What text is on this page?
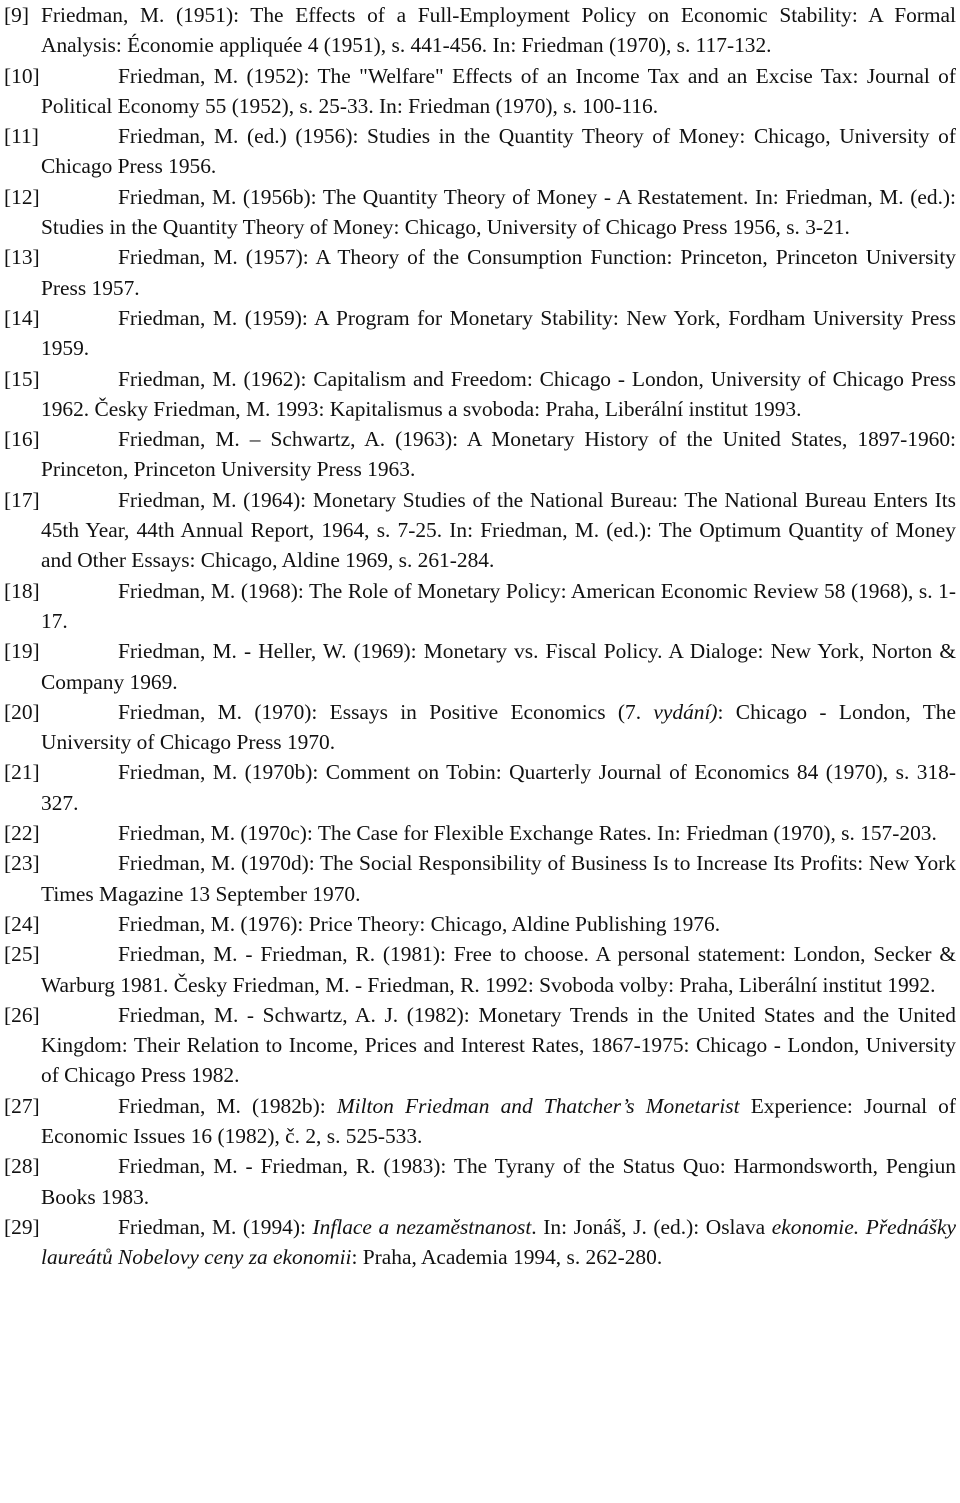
[9] Friedman, M. (1951): The Effects of a Full-Employment Policy on Economic Stability: A Formal Analysis: Économie appliquée 4 (1951), s. 441-456. In: Friedman (1970), s. 117-132.
[10]	Friedman, M. (1952): The "Welfare" Effects of an Income Tax and an Excise Tax: Journal of Political Economy 55 (1952), s. 25-33. In: Friedman (1970), s. 100-116.
[11]	Friedman, M. (ed.) (1956): Studies in the Quantity Theory of Money: Chicago, University of Chicago Press 1956.
[12]	Friedman, M. (1956b): The Quantity Theory of Money - A Restatement. In: Friedman, M. (ed.): Studies in the Quantity Theory of Money: Chicago, University of Chicago Press 1956, s. 3-21.
[13]	Friedman, M. (1957): A Theory of the Consumption Function: Princeton, Princeton University Press 1957.
[14]	Friedman, M. (1959): A Program for Monetary Stability: New York, Fordham University Press 1959.
[15]	Friedman, M. (1962): Capitalism and Freedom: Chicago - London, University of Chicago Press 1962. Česky Friedman, M. 1993: Kapitalismus a svoboda: Praha, Liberální institut 1993.
[16]	Friedman, M. – Schwartz, A. (1963): A Monetary History of the United States, 1897-1960: Princeton, Princeton University Press 1963.
[17]	Friedman, M. (1964): Monetary Studies of the National Bureau: The National Bureau Enters Its 45th Year, 44th Annual Report, 1964, s. 7-25. In: Friedman, M. (ed.): The Optimum Quantity of Money and Other Essays: Chicago, Aldine 1969, s. 261-284.
[18]	Friedman, M. (1968): The Role of Monetary Policy: American Economic Review 58 (1968), s. 1-17.
[19]	Friedman, M. - Heller, W. (1969): Monetary vs. Fiscal Policy. A Dialoge: New York, Norton & Company 1969.
[20]	Friedman, M. (1970): Essays in Positive Economics (7. vydání): Chicago - London, The University of Chicago Press 1970.
[21]	Friedman, M. (1970b): Comment on Tobin: Quarterly Journal of Economics 84 (1970), s. 318-327.
[22]	Friedman, M. (1970c): The Case for Flexible Exchange Rates. In: Friedman (1970), s. 157-203.
[23]	Friedman, M. (1970d): The Social Responsibility of Business Is to Increase Its Profits: New York Times Magazine 13 September 1970.
[24]	Friedman, M. (1976): Price Theory: Chicago, Aldine Publishing 1976.
[25]	Friedman, M. - Friedman, R. (1981): Free to choose. A personal statement: London, Secker & Warburg 1981. Česky Friedman, M. - Friedman, R. 1992: Svoboda volby: Praha, Liberální institut 1992.
[26]	Friedman, M. - Schwartz, A. J. (1982): Monetary Trends in the United States and the United Kingdom: Their Relation to Income, Prices and Interest Rates, 1867-1975: Chicago - London, University of Chicago Press 1982.
[27]	Friedman, M. (1982b): Milton Friedman and Thatcher’s Monetarist Experience: Journal of Economic Issues 16 (1982), č. 2, s. 525-533.
[28]	Friedman, M. - Friedman, R. (1983): The Tyrany of the Status Quo: Harmondsworth, Pengiun Books 1983.
[29]	Friedman, M. (1994): Inflace a nezaměstnanost. In: Jonáš, J. (ed.): Oslava ekonomie. Přednášky laureátů Nobelovy ceny za ekonomii: Praha, Academia 1994, s. 262-280.
